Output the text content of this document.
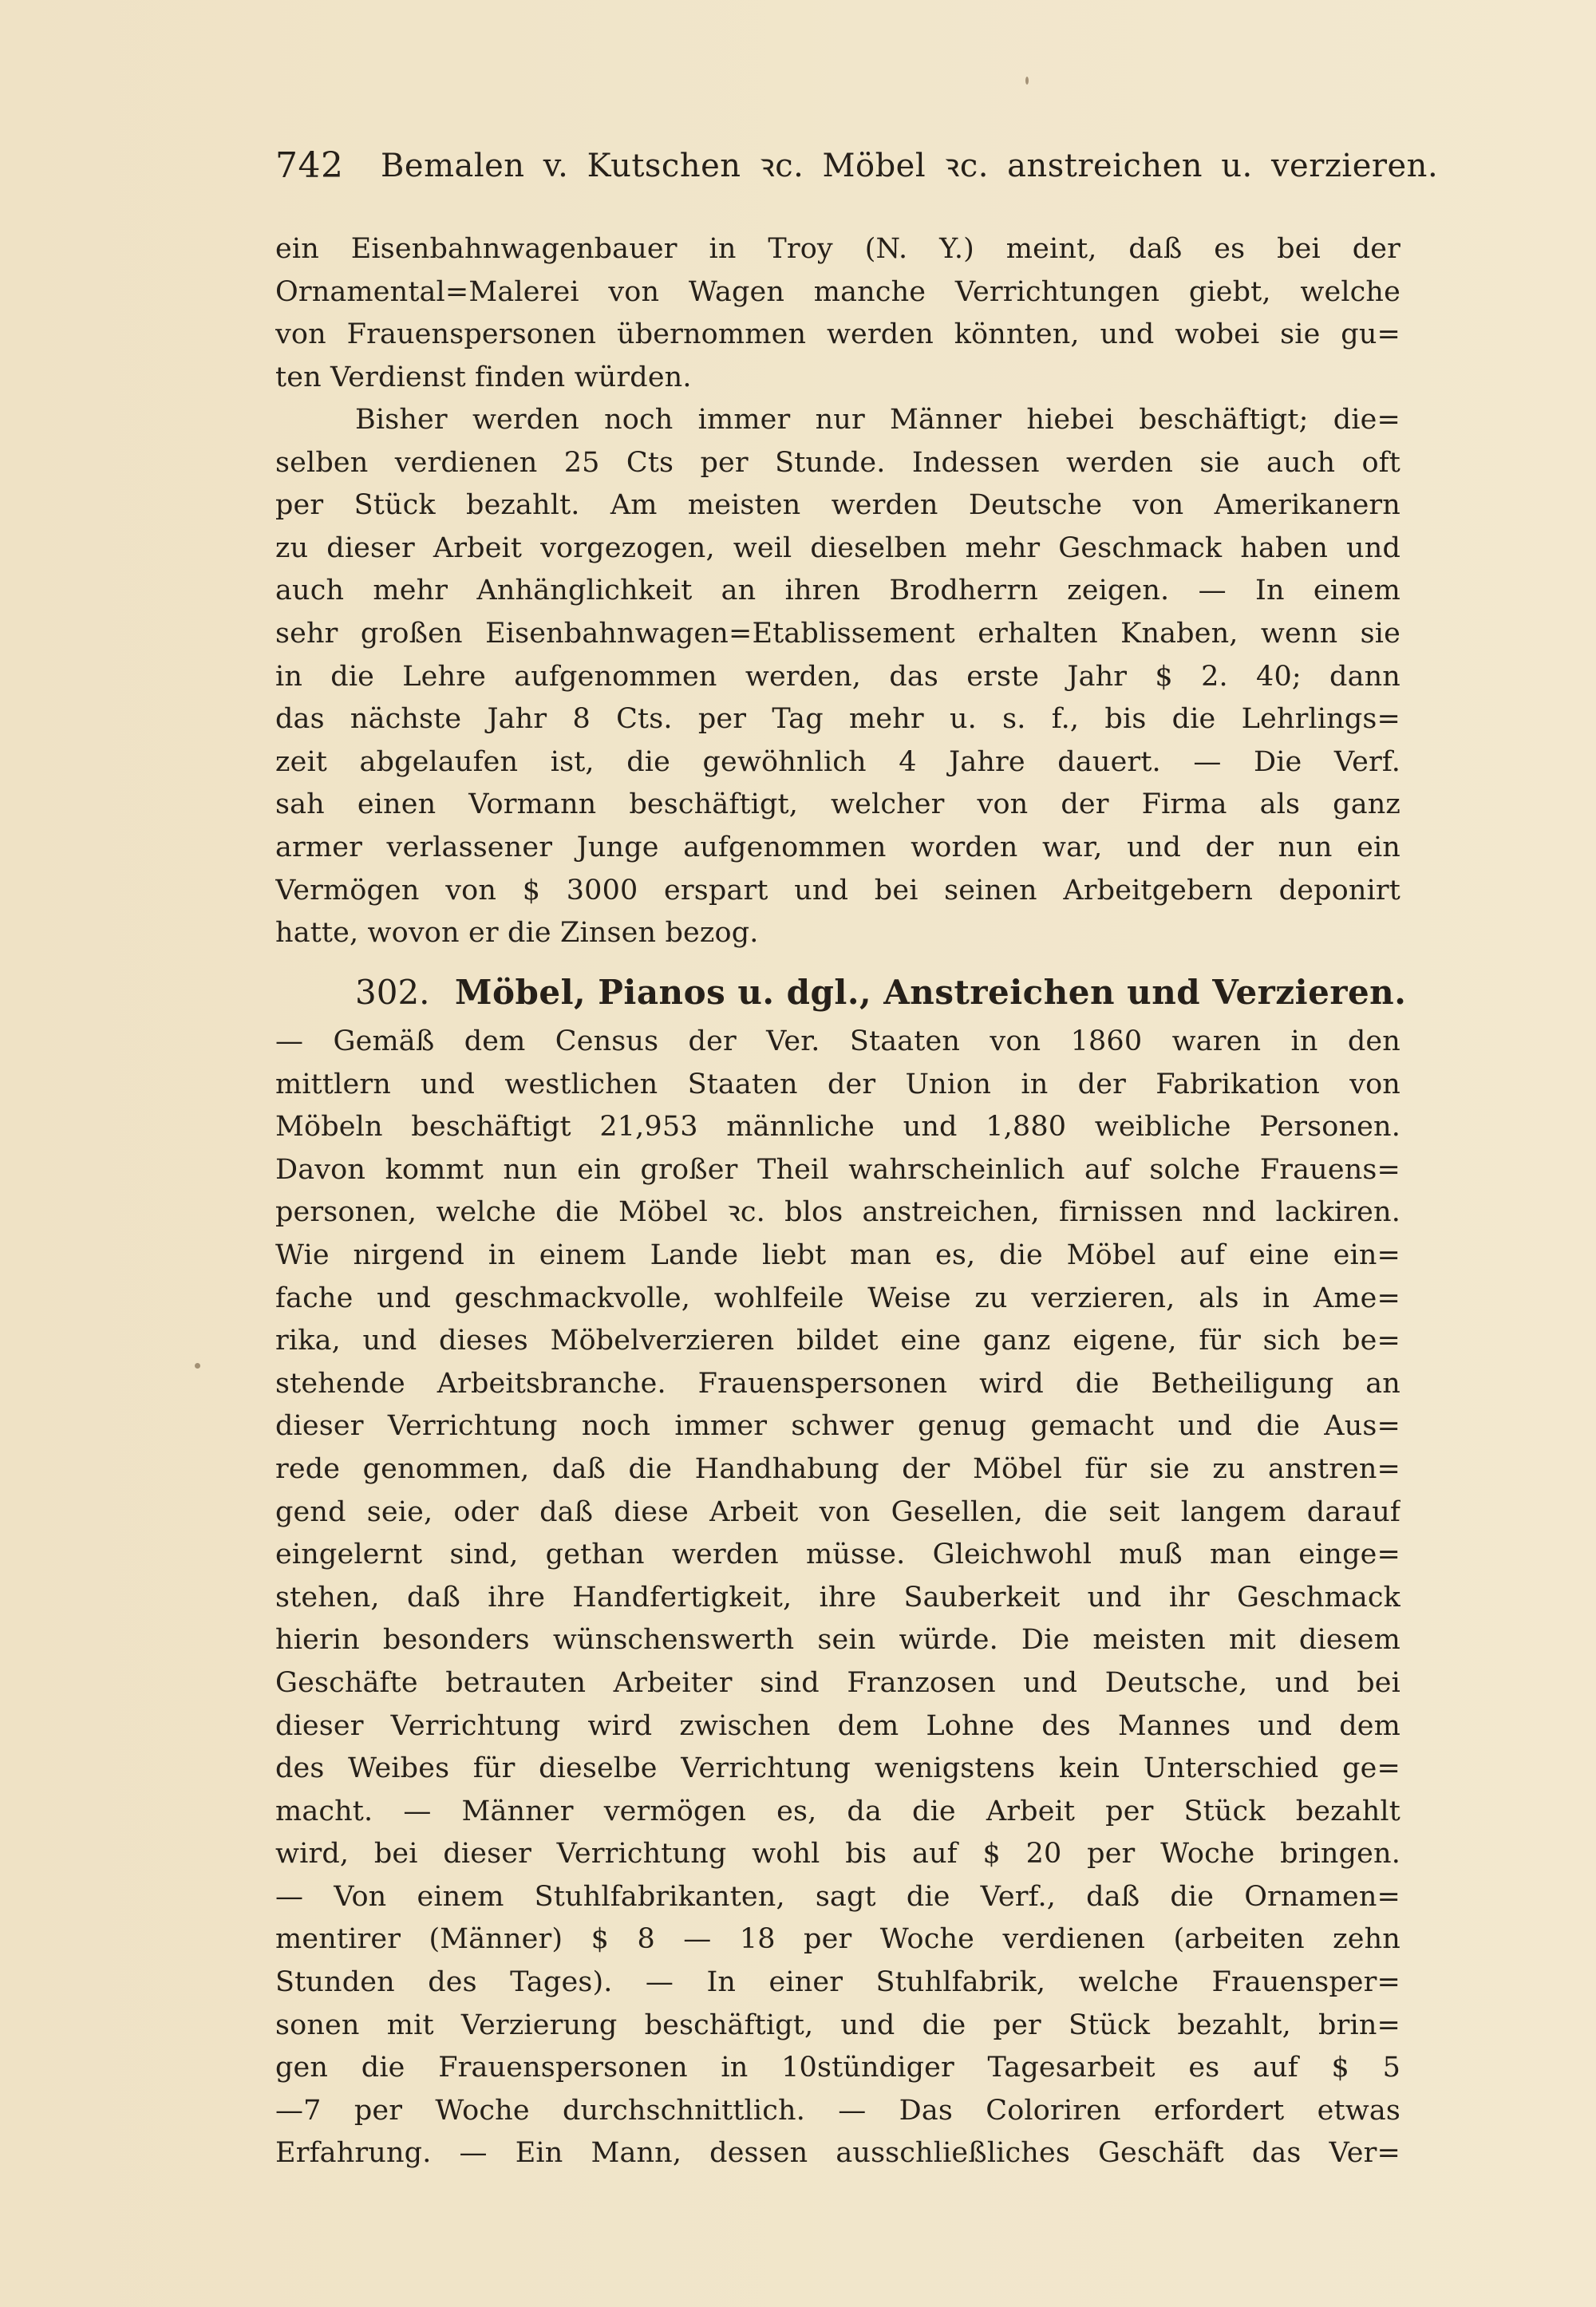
742 Bemalen v. Kutschen ꝛc. Möbel ꝛc. anstreichen u. verzieren.
ein Eisenbahnwagenbauer in Troy (N. Y.) meint, daß es bei der
Ornamental=Malerei von Wagen manche Verrichtungen giebt, welche
von Frauenspersonen übernommen werden könnten, und wobei sie gu=
ten Verdienst finden würden.
Bisher werden noch immer nur Männer hiebei beschäftigt; die=
selben verdienen 25 Cts per Stunde. Indessen werden sie auch oft
per Stück bezahlt. Am meisten werden Deutsche von Amerikanern
zu dieser Arbeit vorgezogen, weil dieselben mehr Geschmack haben und
auch mehr Anhänglichkeit an ihren Brodherrn zeigen. — In einem
sehr großen Eisenbahnwagen=Etablissement erhalten Knaben, wenn sie
in die Lehre aufgenommen werden, das erste Jahr $ 2. 40; dann
das nächste Jahr 8 Cts. per Tag mehr u. s. f., bis die Lehrlings=
zeit abgelaufen ist, die gewöhnlich 4 Jahre dauert. — Die Verf.
sah einen Vormann beschäftigt, welcher von der Firma als ganz
armer verlassener Junge aufgenommen worden war, und der nun ein
Vermögen von $ 3000 erspart und bei seinen Arbeitgebern deponirt
hatte, wovon er die Zinsen bezog.
302. Möbel, Pianos u. dgl., Anstreichen und Verzieren.
— Gemäß dem Census der Ver. Staaten von 1860 waren in den
mittlern und westlichen Staaten der Union in der Fabrikation von
Möbeln beschäftigt 21,953 männliche und 1,880 weibliche Personen.
Davon kommt nun ein großer Theil wahrscheinlich auf solche Frauens=
personen, welche die Möbel ꝛc. blos anstreichen, firnissen nnd lackiren.
Wie nirgend in einem Lande liebt man es, die Möbel auf eine ein=
fache und geschmackvolle, wohlfeile Weise zu verzieren, als in Ame=
rika, und dieses Möbelverzieren bildet eine ganz eigene, für sich be=
stehende Arbeitsbranche. Frauenspersonen wird die Betheiligung an
dieser Verrichtung noch immer schwer genug gemacht und die Aus=
rede genommen, daß die Handhabung der Möbel für sie zu anstren=
gend seie, oder daß diese Arbeit von Gesellen, die seit langem darauf
eingelernt sind, gethan werden müsse. Gleichwohl muß man einge=
stehen, daß ihre Handfertigkeit, ihre Sauberkeit und ihr Geschmack
hierin besonders wünschenswerth sein würde. Die meisten mit diesem
Geschäfte betrauten Arbeiter sind Franzosen und Deutsche, und bei
dieser Verrichtung wird zwischen dem Lohne des Mannes und dem
des Weibes für dieselbe Verrichtung wenigstens kein Unterschied ge=
macht. — Männer vermögen es, da die Arbeit per Stück bezahlt
wird, bei dieser Verrichtung wohl bis auf $ 20 per Woche bringen.
— Von einem Stuhlfabrikanten, sagt die Verf., daß die Ornamen=
mentirer (Männer) $ 8 — 18 per Woche verdienen (arbeiten zehn
Stunden des Tages). — In einer Stuhlfabrik, welche Frauensper=
sonen mit Verzierung beschäftigt, und die per Stück bezahlt, brin=
gen die Frauenspersonen in 10stündiger Tagesarbeit es auf $ 5
—7 per Woche durchschnittlich. — Das Coloriren erfordert etwas
Erfahrung. — Ein Mann, dessen ausschließliches Geschäft das Ver=
